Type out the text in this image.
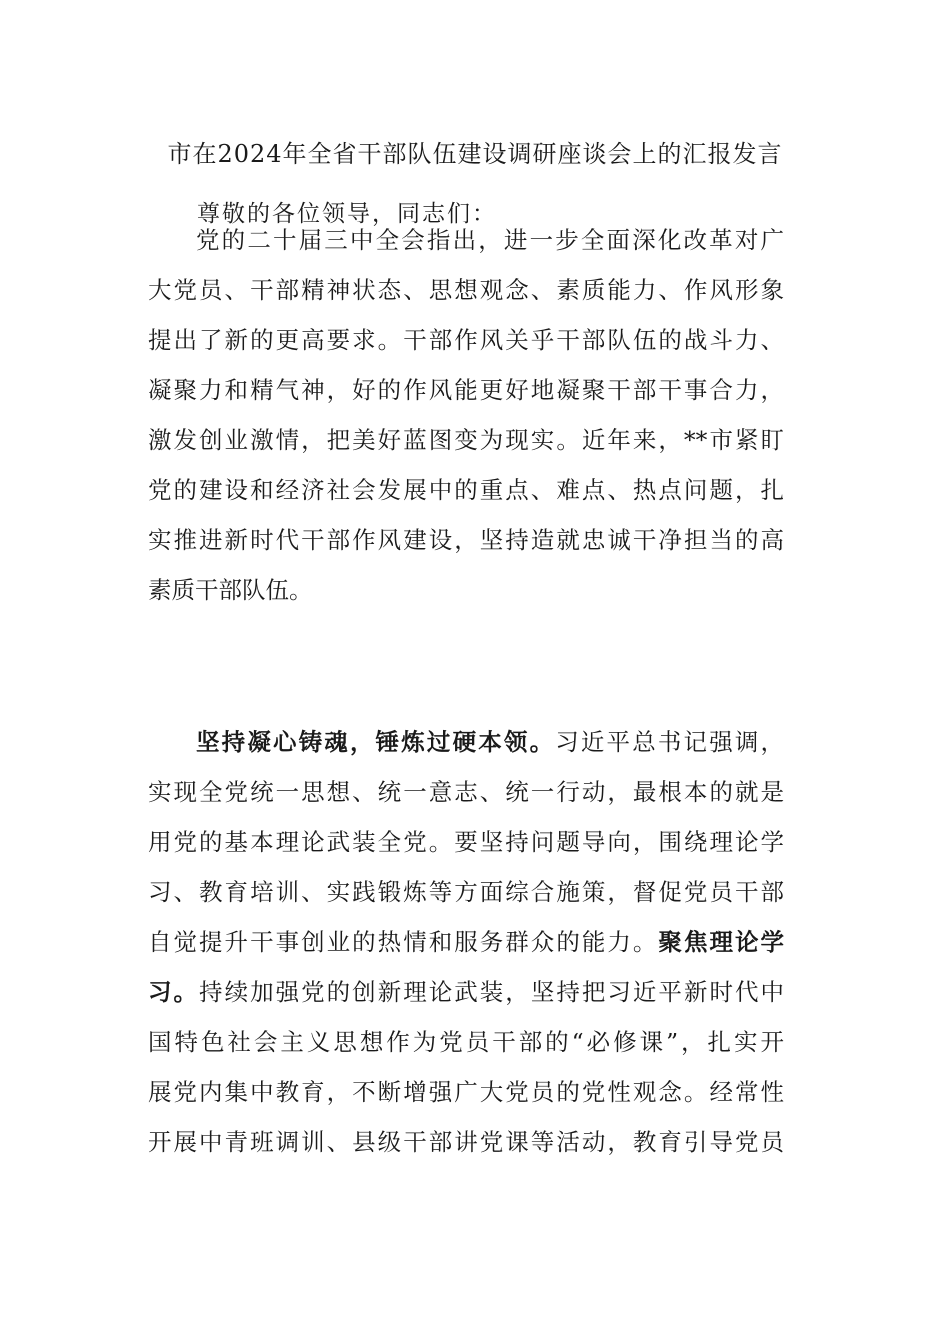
市在2024年全省干部队伍建设调研座谈会上的汇报发言
尊敬的各位领导，同志们：
党的二十届三中全会指出，进一步全面深化改革对广
大党员、干部精神状态、思想观念、素质能力、作风形象
提出了新的更高要求。干部作风关乎干部队伍的战斗力、
凝聚力和精气神，好的作风能更好地凝聚干部干事合力，
激发创业激情，把美好蓝图变为现实。近年来，**市紧盯
党的建设和经济社会发展中的重点、难点、热点问题，扎
实推进新时代干部作风建设，坚持造就忠诚干净担当的高
素质干部队伍。
坚持凝心铸魂，锤炼过硬本领。习近平总书记强调，
实现全党统一思想、统一意志、统一行动，最根本的就是
用党的基本理论武装全党。要坚持问题导向，围绕理论学
习、教育培训、实践锻炼等方面综合施策，督促党员干部
自觉提升干事创业的热情和服务群众的能力。聚焦理论学
习。持续加强党的创新理论武装，坚持把习近平新时代中
国特色社会主义思想作为党员干部的“必修课”，扎实开
展党内集中教育，不断增强广大党员的党性观念。经常性
开展中青班调训、县级干部讲党课等活动，教育引导党员
